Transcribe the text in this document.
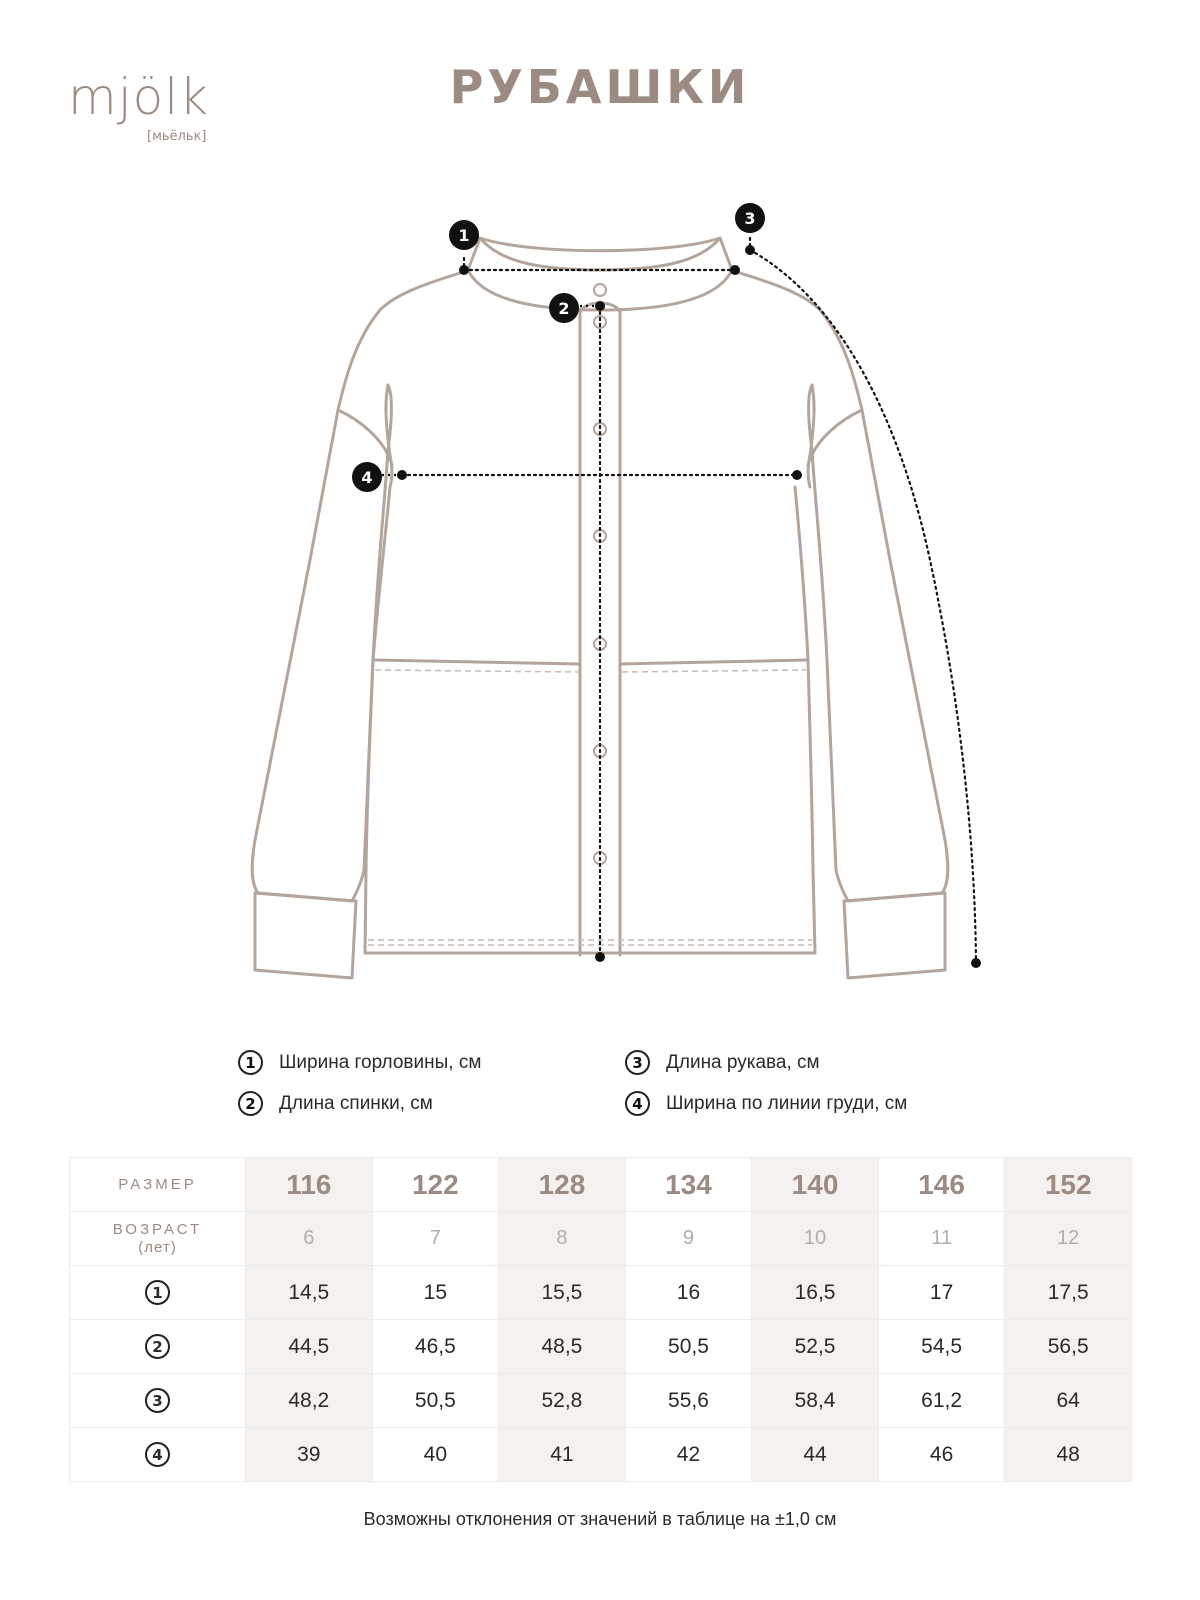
mjölk
[мьёльк]
РУБАШКИ
1
2
3
4
1	Ширина горловины, см
2	Длина спинки, см
3	Длина рукава, см
4	Ширина по линии груди, см
РАЗМЕР	116	122	128	134	140	146	152
ВОЗРАСТ
(лет)	6	7	8	9	10	11	12
1	14,5	15	15,5	16	16,5	17	17,5
2	44,5	46,5	48,5	50,5	52,5	54,5	56,5
3	48,2	50,5	52,8	55,6	58,4	61,2	64
4	39	40	41	42	44	46	48
Возможны отклонения от значений в таблице на ±1,0 см
